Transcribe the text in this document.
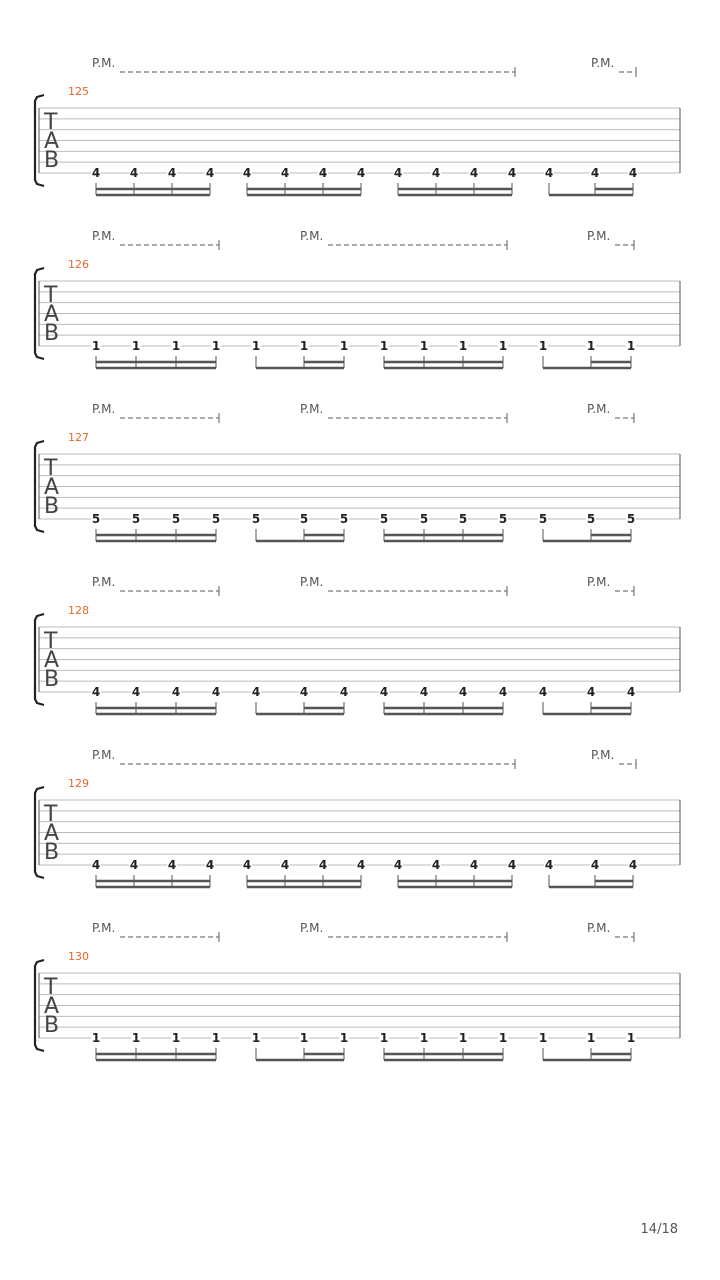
P.M.	P.M.
125
T
A
B	4 4 4 4 4 4 4 4 4 4 4 4 4	4 4
P.M.	P.M.	P.M.
126
T
A
B	1	1	1	1	1	1	1	1	1	1	1	1	1	1
P.M.	P.M.	P.M.
127
T
A
B	5	5	5	5	5	5	5	5	5	5	5	5	5	5
P.M.	P.M.	P.M.
128
T
A
B	4	4	4	4	4	4	4	4	4	4	4	4	4	4
P.M.	P.M.
129
T
A
B	4 4 4 4 4 4 4 4 4 4 4 4 4	4 4
P.M.	P.M.	P.M.
130
T
A
B	1	1	1	1	1	1	1	1	1	1	1	1	1	1
14/18
